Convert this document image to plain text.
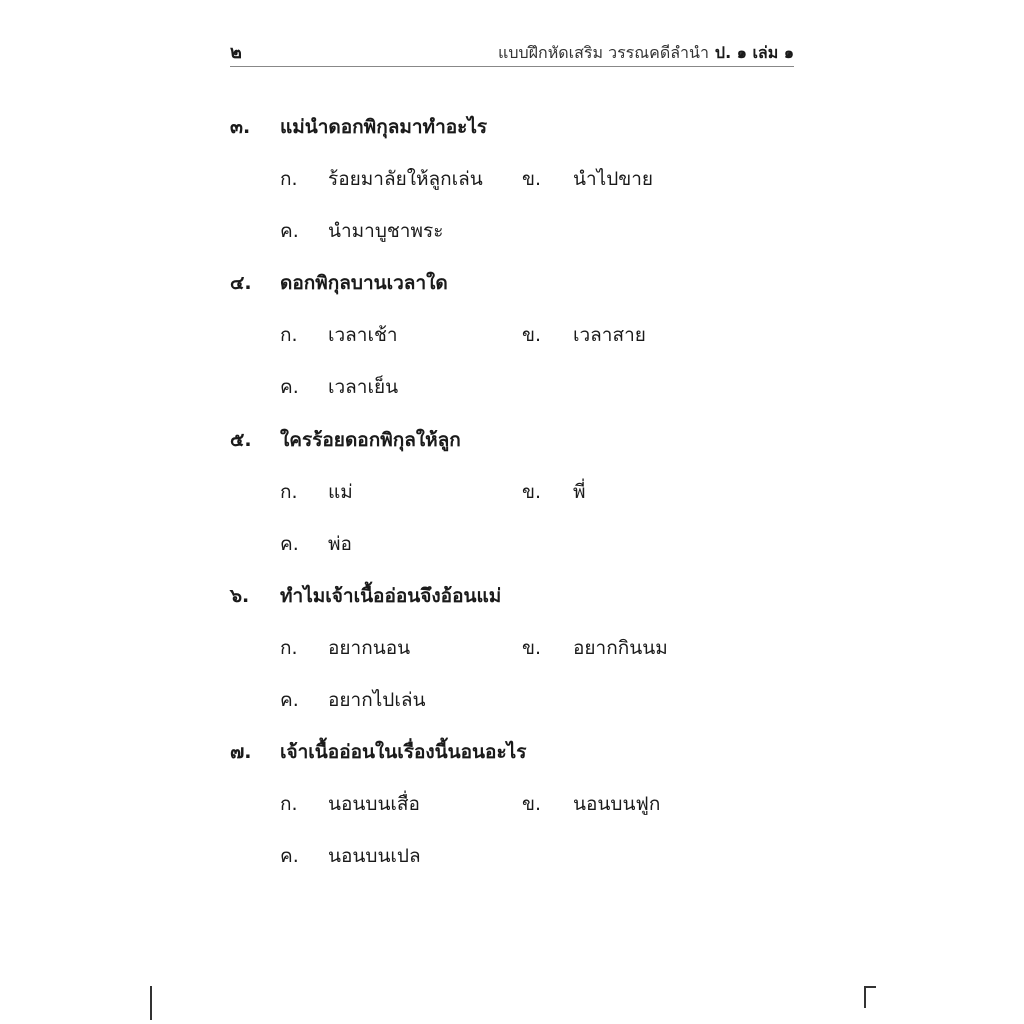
๒	แบบฝึกหัดเสริม วรรณคดีลำนำ ป. ๑ เล่ม ๑
๓. แม่นำดอกพิกุลมาทำอะไร
ก. ร้อยมาลัยให้ลูกเล่น ข. นำไปขาย
ค. นำมาบูชาพระ
๔. ดอกพิกุลบานเวลาใด
ก. เวลาเช้า	ข. เวลาสาย
ค. เวลาเย็น
๕. ใครร้อยดอกพิกุลให้ลูก
ก. แม่	ข. พี่
ค. พ่อ
๖. ทำไมเจ้าเนื้ออ่อนจึงอ้อนแม่
ก. อยากนอน	ข. อยากกินนม
ค. อยากไปเล่น
๗. เจ้าเนื้ออ่อนในเรื่องนี้นอนอะไร
ก. นอนบนเสื่อ	ข. นอนบนฟูก
ค. นอนบนเปล
